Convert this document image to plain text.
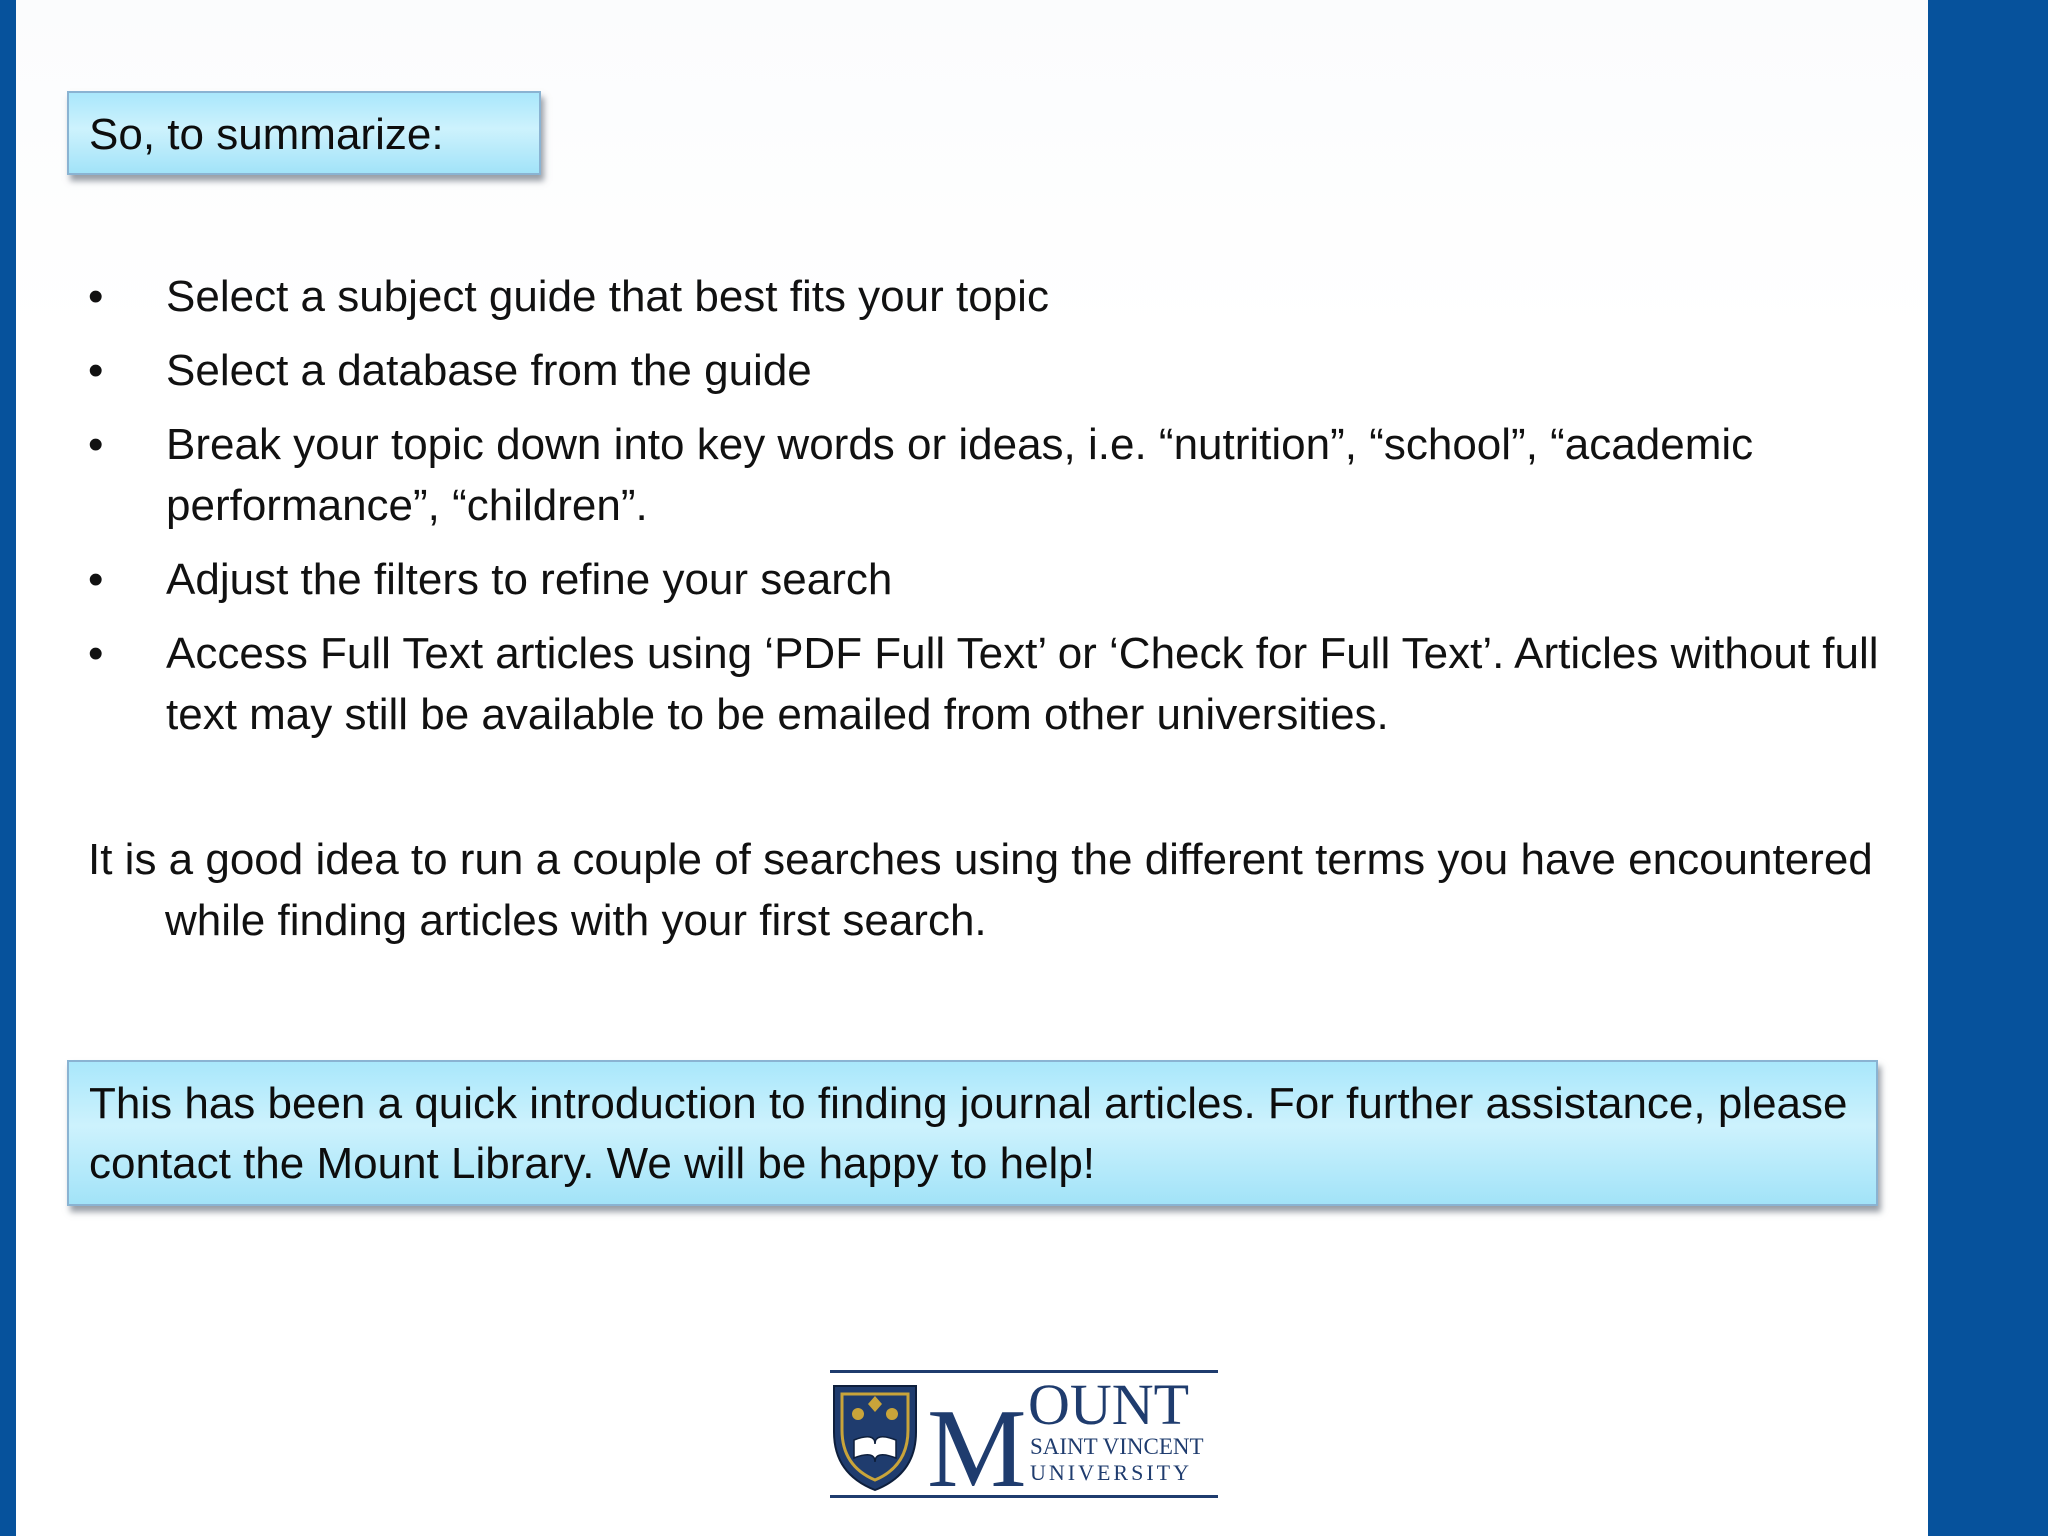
So, to summarize:
• Select a subject guide that best fits your topic
• Select a database from the guide
• Break your topic down into key words or ideas, i.e. “nutrition”, “school”, “academic performance”, “children”.
• Adjust the filters to refine your search
• Access Full Text articles using ‘PDF Full Text’ or ‘Check for Full Text’. Articles without full text may still be available to be emailed from other universities.
It is a good idea to run a couple of searches using the different terms you have encountered while finding articles with your first search.
This has been a quick introduction to finding journal articles. For further assistance, please contact the Mount Library. We will be happy to help!
M OUNT
SAINT VINCENT
UNIVERSITY
